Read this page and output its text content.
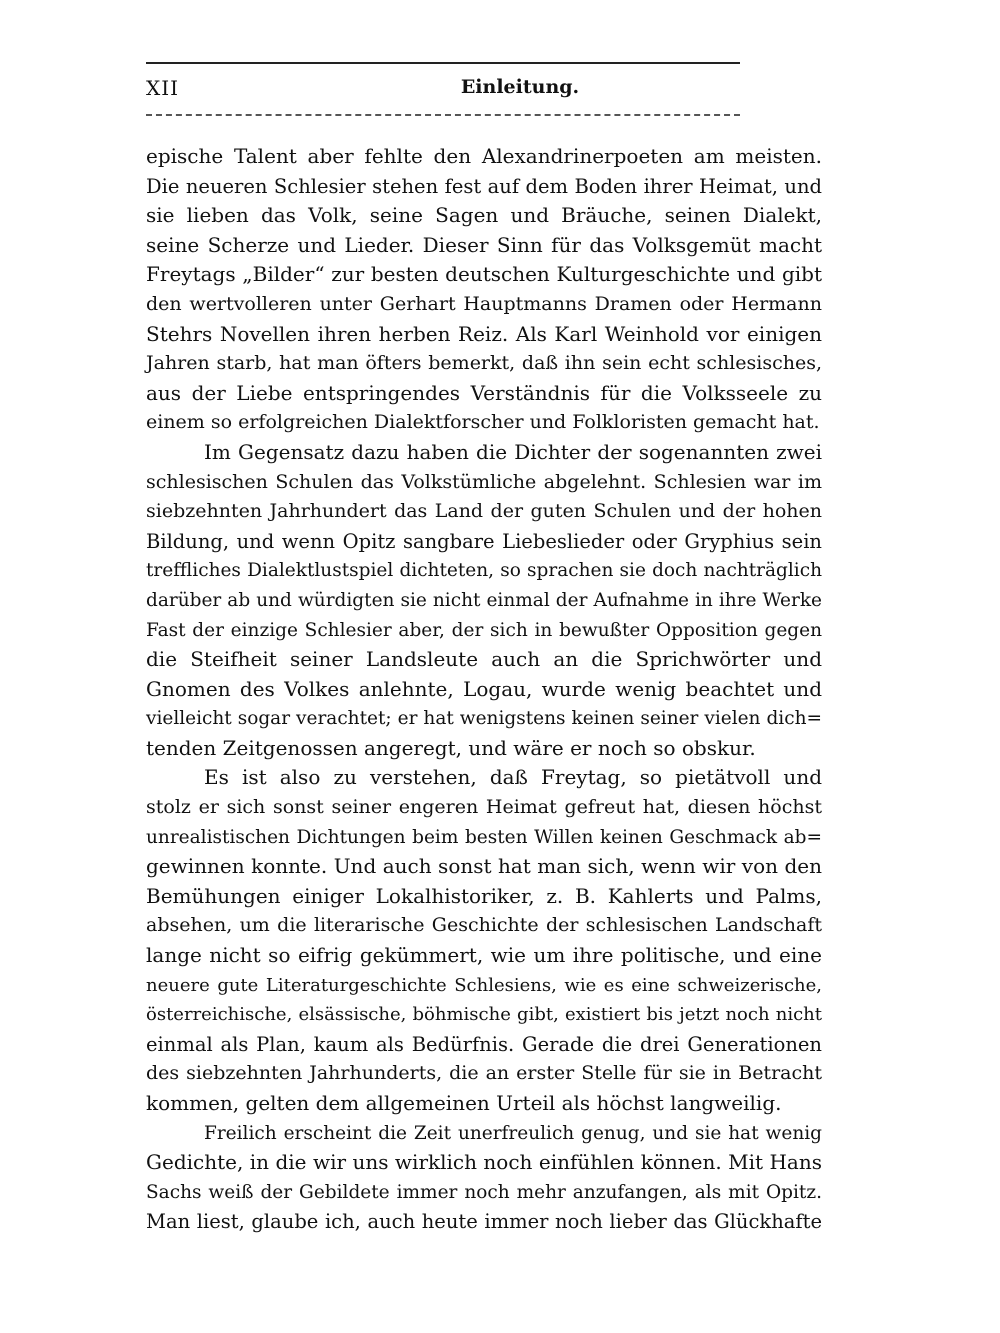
XII	Einleitung.
epische Talent aber fehlte den Alexandrinerpoeten am meisten.
Die neueren Schlesier stehen fest auf dem Boden ihrer Heimat, und
sie lieben das Volk, seine Sagen und Bräuche, seinen Dialekt,
seine Scherze und Lieder. Dieser Sinn für das Volksgemüt macht
Freytags „Bilder“ zur besten deutschen Kulturgeschichte und gibt
den wertvolleren unter Gerhart Hauptmanns Dramen oder Hermann
Stehrs Novellen ihren herben Reiz. Als Karl Weinhold vor einigen
Jahren starb, hat man öfters bemerkt, daß ihn sein echt schlesisches,
aus der Liebe entspringendes Verständnis für die Volksseele zu
einem so erfolgreichen Dialektforscher und Folkloristen gemacht hat.
Im Gegensatz dazu haben die Dichter der sogenannten zwei
schlesischen Schulen das Volkstümliche abgelehnt. Schlesien war im
siebzehnten Jahrhundert das Land der guten Schulen und der hohen
Bildung, und wenn Opitz sangbare Liebeslieder oder Gryphius sein
treffliches Dialektlustspiel dichteten, so sprachen sie doch nachträglich
darüber ab und würdigten sie nicht einmal der Aufnahme in ihre Werke
Fast der einzige Schlesier aber, der sich in bewußter Opposition gegen
die Steifheit seiner Landsleute auch an die Sprichwörter und
Gnomen des Volkes anlehnte, Logau, wurde wenig beachtet und
vielleicht sogar verachtet; er hat wenigstens keinen seiner vielen dich=
tenden Zeitgenossen angeregt, und wäre er noch so obskur.
Es ist also zu verstehen, daß Freytag, so pietätvoll und
stolz er sich sonst seiner engeren Heimat gefreut hat, diesen höchst
unrealistischen Dichtungen beim besten Willen keinen Geschmack ab=
gewinnen konnte. Und auch sonst hat man sich, wenn wir von den
Bemühungen einiger Lokalhistoriker, z. B. Kahlerts und Palms,
absehen, um die literarische Geschichte der schlesischen Landschaft
lange nicht so eifrig gekümmert, wie um ihre politische, und eine
neuere gute Literaturgeschichte Schlesiens, wie es eine schweizerische,
österreichische, elsässische, böhmische gibt, existiert bis jetzt noch nicht
einmal als Plan, kaum als Bedürfnis. Gerade die drei Generationen
des siebzehnten Jahrhunderts, die an erster Stelle für sie in Betracht
kommen, gelten dem allgemeinen Urteil als höchst langweilig.
Freilich erscheint die Zeit unerfreulich genug, und sie hat wenig
Gedichte, in die wir uns wirklich noch einfühlen können. Mit Hans
Sachs weiß der Gebildete immer noch mehr anzufangen, als mit Opitz.
Man liest, glaube ich, auch heute immer noch lieber das Glückhafte
